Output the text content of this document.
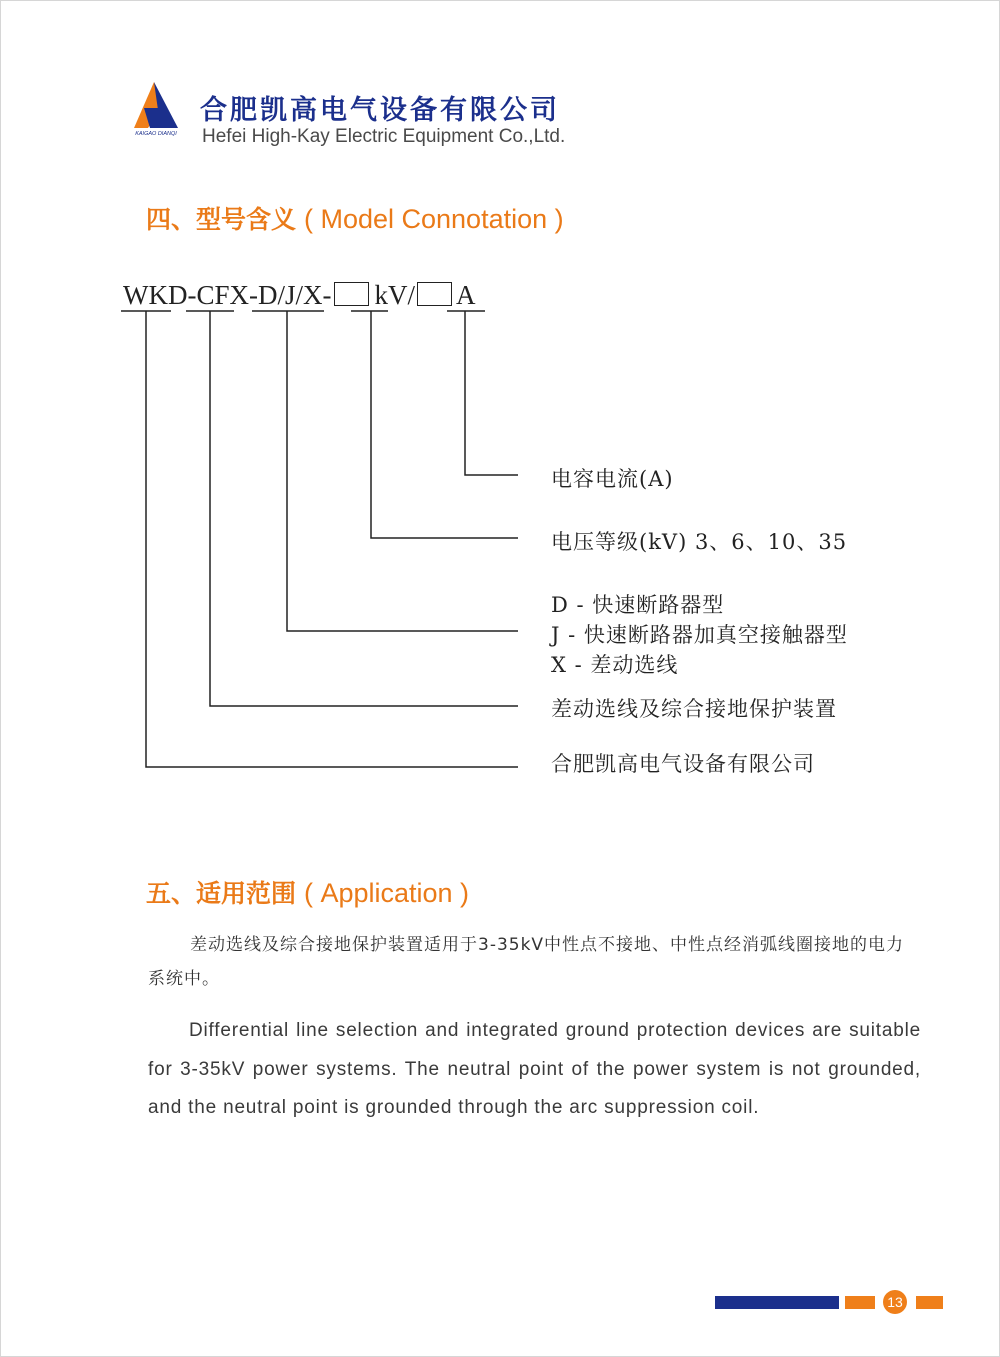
KAIGAO DIANQI
合肥凯高电气设备有限公司
Hefei High-Kay Electric Equipment Co.,Ltd.
四、型号含义 ( Model Connotation )
WKD-CFX-D/J/X- kV/ A
电容电流(A)
电压等级(kV) 3、6、10、35
D - 快速断路器型
J - 快速断路器加真空接触器型
X - 差动选线
差动选线及综合接地保护装置
合肥凯高电气设备有限公司
五、适用范围 ( Application )

差动选线及综合接地保护装置适用于3-35kV中性点不接地、中性点经消弧线圈接地的电力系统中。

Differential line selection and integrated ground protection devices are suitable for 3-35kV power systems. The neutral point of the power system is not grounded, and the neutral point is grounded through the arc suppression coil.

13
